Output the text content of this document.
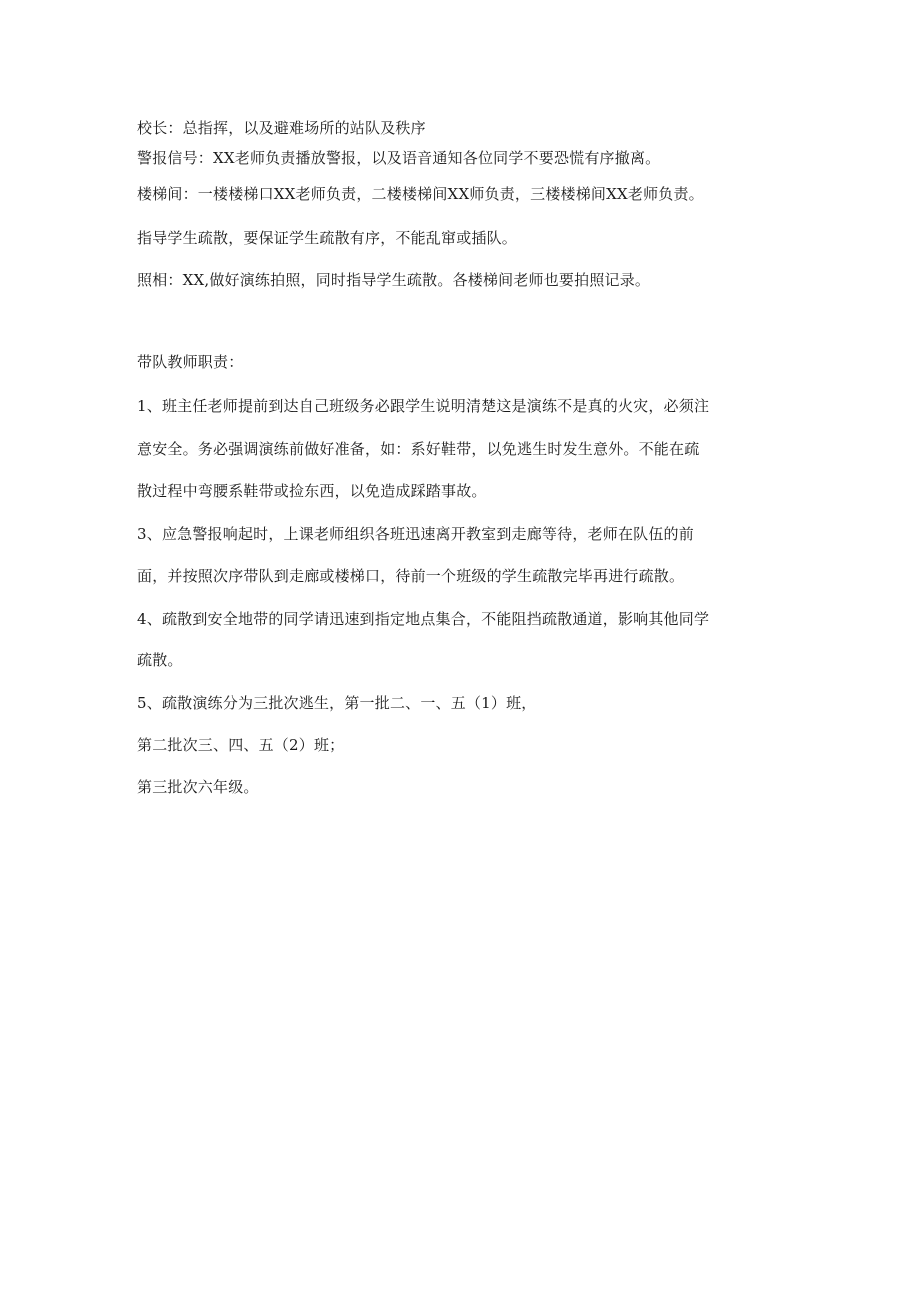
校长：总指挥，以及避难场所的站队及秩序
警报信号：XX老师负责播放警报，以及语音通知各位同学不要恐慌有序撤离。
楼梯间：一楼楼梯口XX老师负责，二楼楼梯间XX师负责，三楼楼梯间XX老师负责。
指导学生疏散，要保证学生疏散有序，不能乱窜或插队。
照相：XX,做好演练拍照，同时指导学生疏散。各楼梯间老师也要拍照记录。
带队教师职责：
1、班主任老师提前到达自己班级务必跟学生说明清楚这是演练不是真的火灾，必须注
意安全。务必强调演练前做好准备，如：系好鞋带，以免逃生时发生意外。不能在疏
散过程中弯腰系鞋带或捡东西，以免造成踩踏事故。
3、应急警报响起时，上课老师组织各班迅速离开教室到走廊等待，老师在队伍的前
面，并按照次序带队到走廊或楼梯口，待前一个班级的学生疏散完毕再进行疏散。
4、疏散到安全地带的同学请迅速到指定地点集合，不能阻挡疏散通道，影响其他同学
疏散。
5、疏散演练分为三批次逃生，第一批二、一、五（1）班，
第二批次三、四、五（2）班；
第三批次六年级。
